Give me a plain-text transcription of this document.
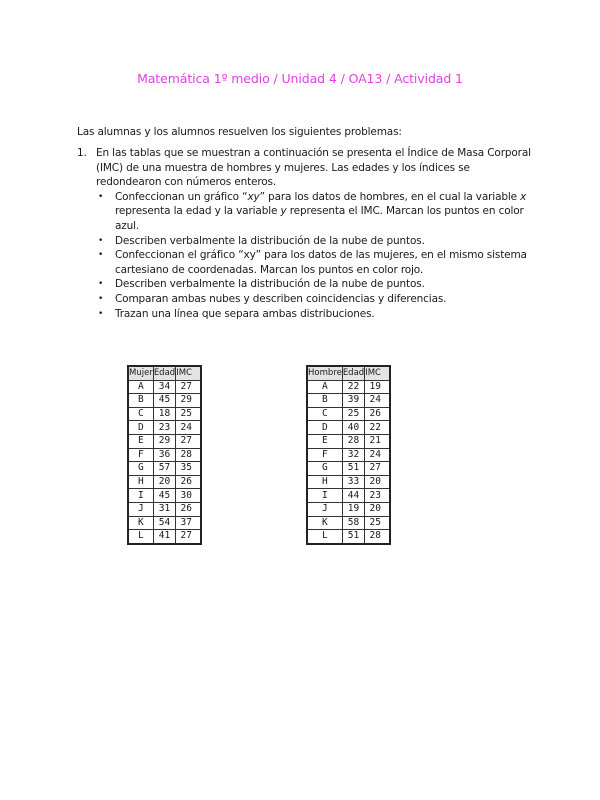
Matemática 1º medio / Unidad 4 / OA13 / Actividad 1
Las alumnas y los alumnos resuelven los siguientes problemas:
1. En las tablas que se muestran a continuación se presenta el Índice de Masa Corporal (IMC) de una muestra de hombres y mujeres. Las edades y los índices se redondearon con números enteros.
• Confeccionan un gráfico “xy” para los datos de hombres, en el cual la variable x representa la edad y la variable y representa el IMC. Marcan los puntos en color azul.
• Describen verbalmente la distribución de la nube de puntos.
• Confeccionan el gráfico “xy” para los datos de las mujeres, en el mismo sistema cartesiano de coordenadas. Marcan los puntos en color rojo.
• Describen verbalmente la distribución de la nube de puntos.
• Comparan ambas nubes y describen coincidencias y diferencias.
• Trazan una línea que separa ambas distribuciones.
Mujer	Edad	IMC
A	34	27
B	45	29
C	18	25
D	23	24
E	29	27
F	36	28
G	57	35
H	20	26
I	45	30
J	31	26
K	54	37
L	41	27
Hombre	Edad	IMC
A	22	19
B	39	24
C	25	26
D	40	22
E	28	21
F	32	24
G	51	27
H	33	20
I	44	23
J	19	20
K	58	25
L	51	28
